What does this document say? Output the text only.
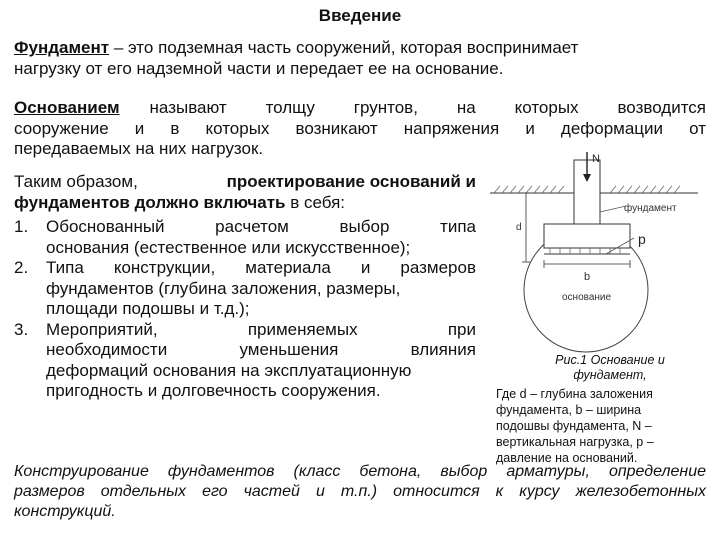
Введение
Фундамент – это подземная часть сооружений, которая воспринимает
нагрузку от его надземной части и передает ее на основание.
Основанием называют толщу грунтов, на которых возводится
сооружение и в которых возникают напряжения и деформации от
передаваемых на них нагрузок.
Таким образом,	проектирование оснований и
фундаментов должно включать в себя:
1.	Обоснованный	расчетом	выбор	типа
основания (естественное или искусственное);
2.	Типа конструкции, материала и размеров
фундаментов (глубина заложения, размеры,
площади подошвы и т.д.);
3.	Мероприятий,	применяемых	при
необходимости	уменьшения	влияния
деформаций основания на эксплуатационную
пригодность и долговечность сооружения.
N
фундамент
d
p
b
основание
Рис.1 Основание и
фундамент,
Где d – глубина заложения
фундамента, b – ширина
подошвы фундамента, N –
вертикальная нагрузка, p –
давление на оснований.
Конструирование фундаментов (класс бетона, выбор арматуры, определение
размеров отдельных его частей и т.п.) относится к курсу железобетонных
конструкций.
